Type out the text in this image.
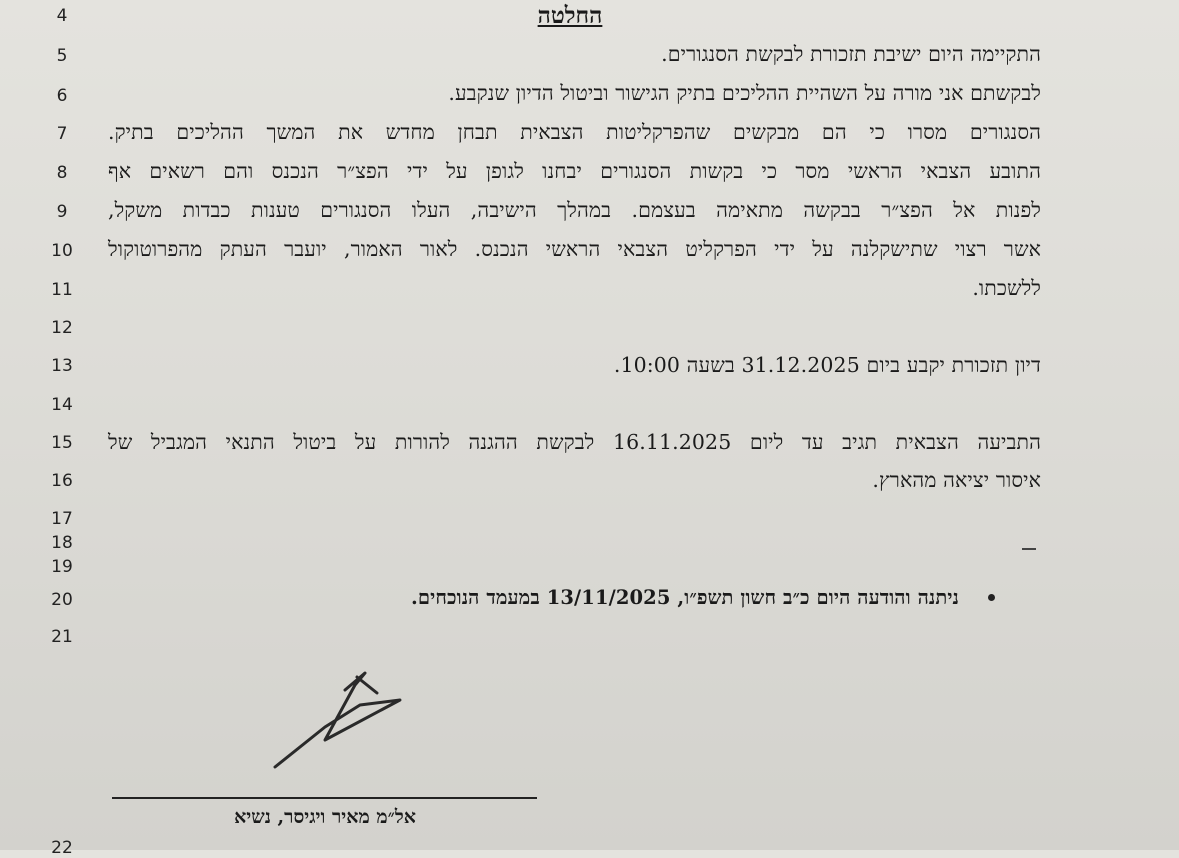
החלטה
4
5
6
7
8
9
10
11
12
13
14
15
16
17
18
19
20
21
22
התקיימה היום ישיבת תזכורת לבקשת הסנגורים.
לבקשתם אני מורה על השהיית ההליכים בתיק הגישור וביטול הדיון שנקבע.
הסנגורים מסרו כי הם מבקשים שהפרקליטות הצבאית תבחן מחדש את המשך ההליכים בתיק.
התובע הצבאי הראשי מסר כי בקשות הסנגורים יבחנו לגופן על ידי הפצ״ר הנכנס והם רשאים אף
לפנות אל הפצ״ר בבקשה מתאימה בעצמם. במהלך הישיבה, העלו הסנגורים טענות כבדות משקל,
אשר רצוי שתישקלנה על ידי הפרקליט הצבאי הראשי הנכנס. לאור האמור, יועבר העתק מהפרוטוקול
ללשכתו.
דיון תזכורת יקבע ביום 31.12.2025 בשעה 10:00.
התביעה הצבאית תגיב עד ליום 16.11.2025 לבקשת ההגנה להורות על ביטול התנאי המגביל של
איסור יציאה מהארץ.
ניתנה והודעה היום כ״ב חשון תשפ״ו, 13/11/2025 במעמד הנוכחים.
אל״מ מאיר ויגיסר, נשיא
